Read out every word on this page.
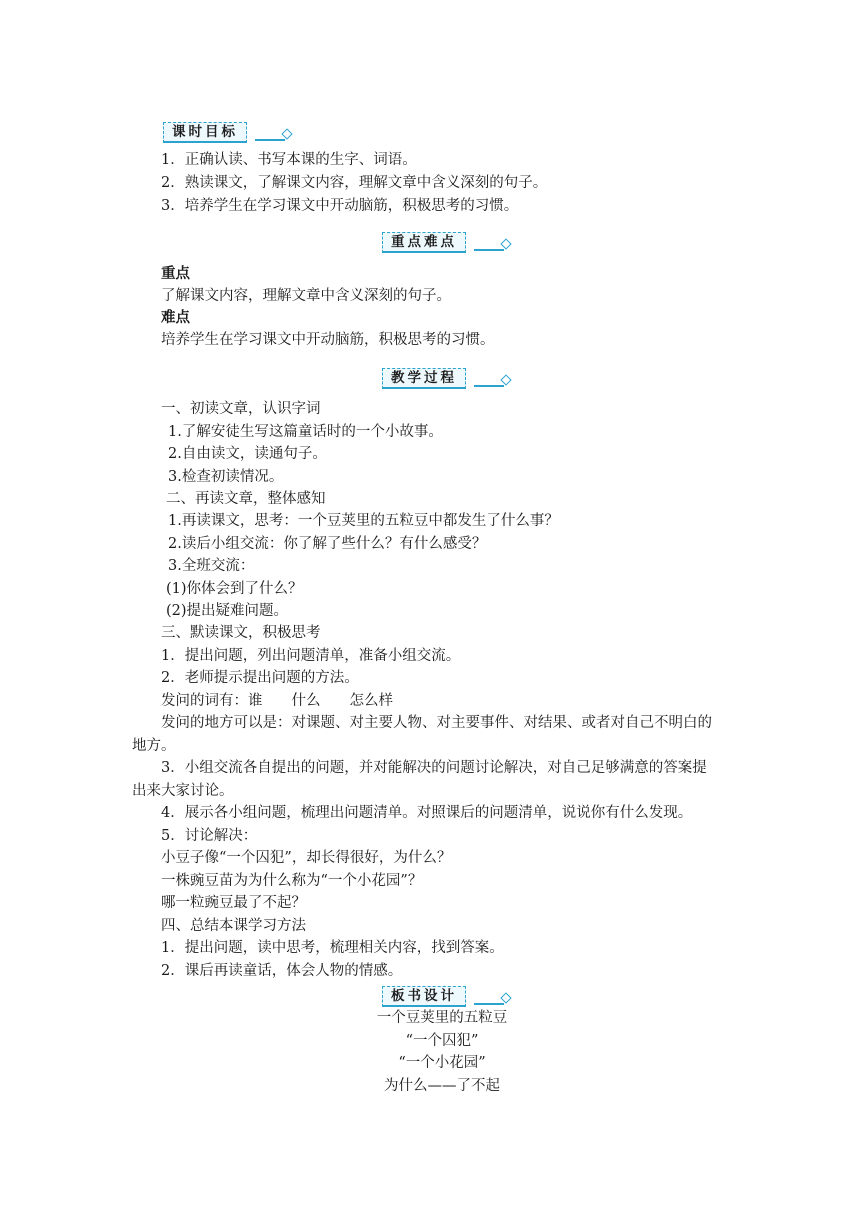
课时目标
1．正确认读、书写本课的生字、词语。
2．熟读课文，了解课文内容，理解文章中含义深刻的句子。
3．培养学生在学习课文中开动脑筋，积极思考的习惯。
重点难点
重点
了解课文内容，理解文章中含义深刻的句子。
难点
培养学生在学习课文中开动脑筋，积极思考的习惯。
教学过程
一、初读文章，认识字词
1.了解安徒生写这篇童话时的一个小故事。
2.自由读文，读通句子。
3.检查初读情况。
二、再读文章，整体感知
1.再读课文，思考：一个豆荚里的五粒豆中都发生了什么事？
2.读后小组交流：你了解了些什么？有什么感受？
3.全班交流：
(1)你体会到了什么？
(2)提出疑难问题。
三、默读课文，积极思考
1．提出问题，列出问题清单，准备小组交流。
2．老师提示提出问题的方法。
发问的词有：谁　　什么　　怎么样
发问的地方可以是：对课题、对主要人物、对主要事件、对结果、或者对自己不明白的
地方。
3．小组交流各自提出的问题，并对能解决的问题讨论解决，对自己足够满意的答案提
出来大家讨论。
4．展示各小组问题，梳理出问题清单。对照课后的问题清单，说说你有什么发现。
5．讨论解决：
小豆子像“一个囚犯”，却长得很好，为什么？
一株豌豆苗为为什么称为“一个小花园”？
哪一粒豌豆最了不起？
四、总结本课学习方法
1．提出问题，读中思考，梳理相关内容，找到答案。
2．课后再读童话，体会人物的情感。
板书设计
一个豆荚里的五粒豆
“一个囚犯”
“一个小花园”
为什么——了不起
